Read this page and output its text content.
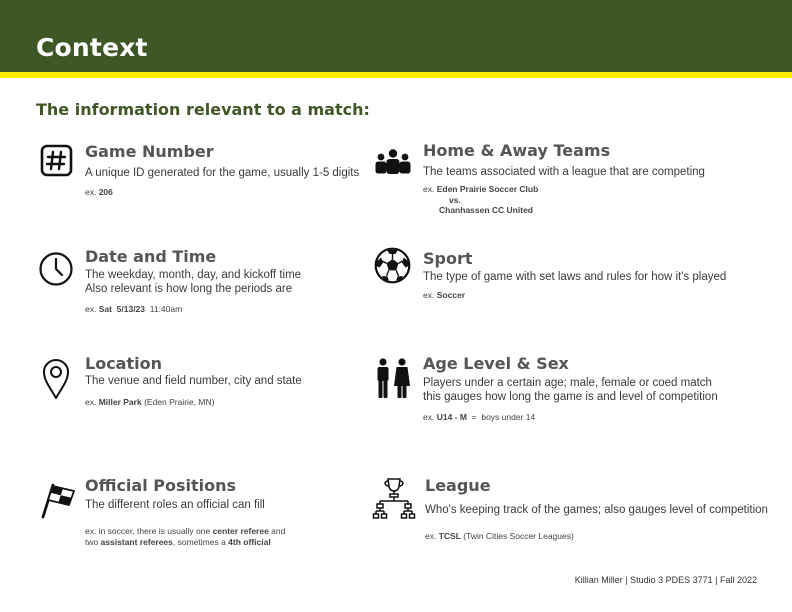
Context
The information relevant to a match:
Game Number
A unique ID generated for the game, usually 1-5 digits
ex. 206
Home & Away Teams
The teams associated with a league that are competing
ex. Eden Prairie Soccer Club
vs.
Chanhassen CC United
Date and Time
The weekday, month, day, and kickoff time
Also relevant is how long the periods are
ex. Sat  5/13/23  11:40am
Sport
The type of game with set laws and rules for how it's played
ex. Soccer
Location
The venue and field number, city and state
ex. Miller Park (Eden Prairie, MN)
Age Level & Sex
Players under a certain age; male, female or coed match
this gauges how long the game is and level of competition
ex. U14 - M  =  boys under 14
Official Positions
The different roles an official can fill
ex. in soccer, there is usually one center referee and
two assistant referees, sometimes a 4th official
League
Who's keeping track of the games; also gauges level of competition
ex. TCSL (Twin Cities Soccer Leagues)
Killian Miller | Studio 3 PDES 3771 | Fall 2022
